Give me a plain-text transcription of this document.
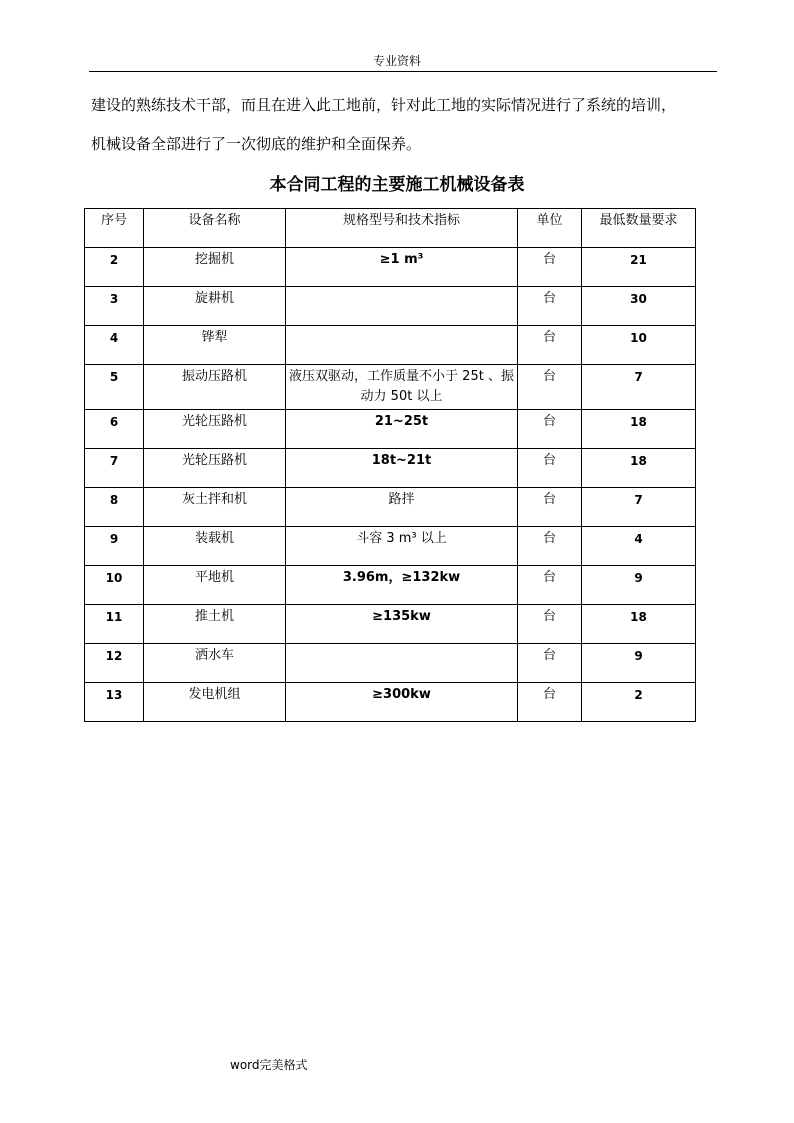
专业资料
建设的熟练技术干部，而且在进入此工地前，针对此工地的实际情况进行了系统的培训，
机械设备全部进行了一次彻底的维护和全面保养。
本合同工程的主要施工机械设备表
序号	设备名称	规格型号和技术指标	单位	最低数量要求
2	挖掘机	≥1 m³	台	21
3	旋耕机		台	30
4	铧犁		台	10
5	振动压路机	液压双驱动，工作质量不小于 25t 、振动力 50t 以上	台	7
6	光轮压路机	21~25t	台	18
7	光轮压路机	18t~21t	台	18
8	灰土拌和机	路拌	台	7
9	装载机	斗容 3 m³ 以上	台	4
10	平地机	3.96m，≥132kw	台	9
11	推土机	≥135kw	台	18
12	洒水车		台	9
13	发电机组	≥300kw	台	2
word完美格式
